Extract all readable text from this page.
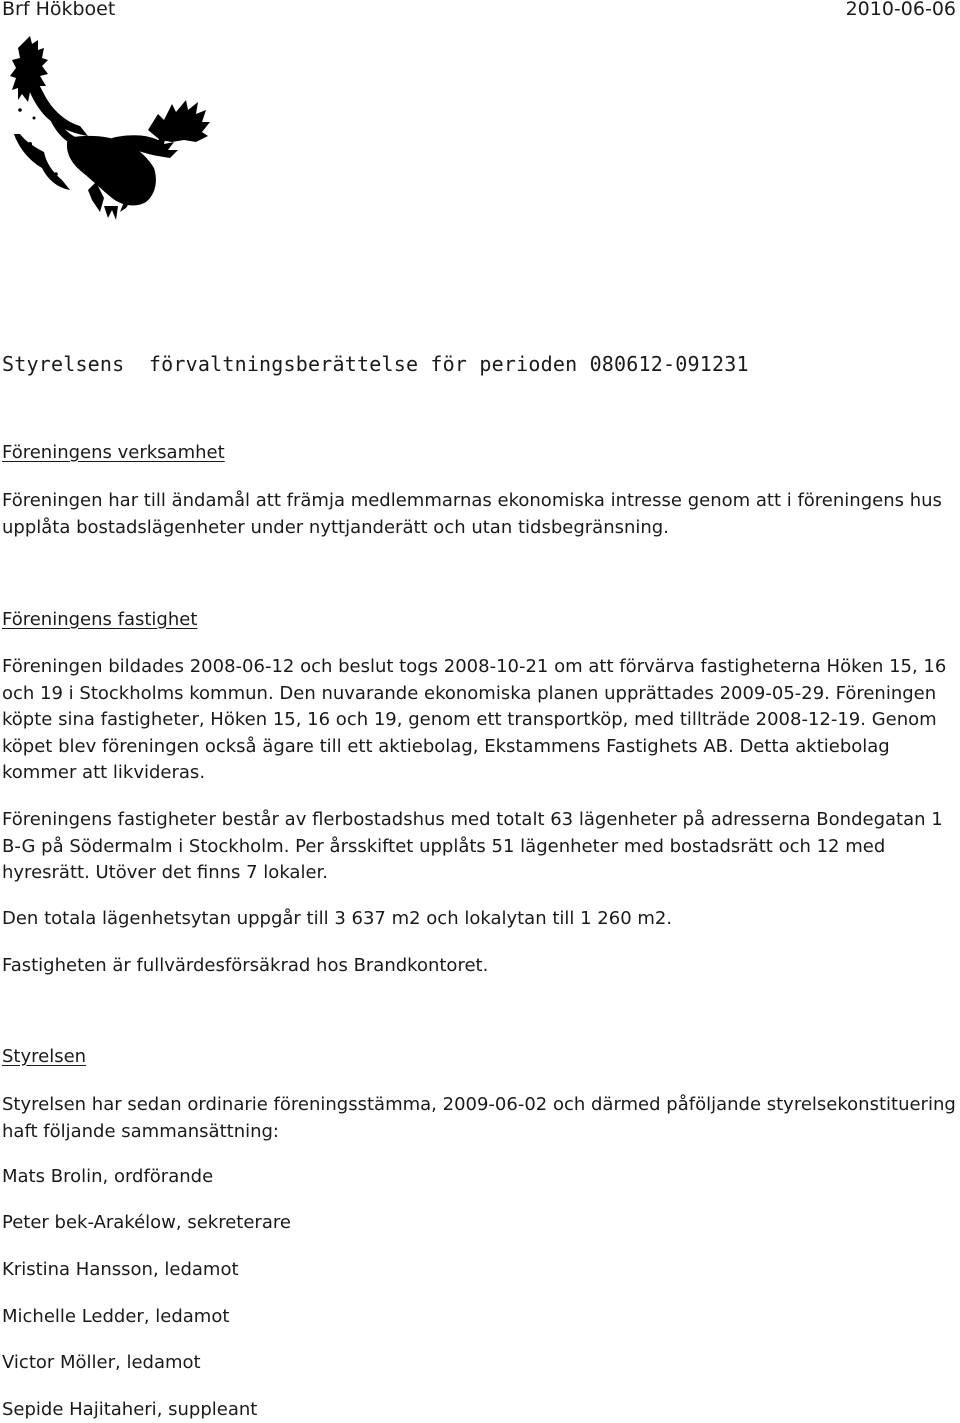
Brf Hökboet	2010-06-06
Styrelsens  förvaltningsberättelse för perioden 080612-091231
Föreningens verksamhet

Föreningen har till ändamål att främja medlemmarnas ekonomiska intresse genom att i föreningens hus upplåta bostadslägenheter under nyttjanderätt och utan tidsbegränsning.

Föreningens fastighet

Föreningen bildades 2008-06-12 och beslut togs 2008-10-21 om att förvärva fastigheterna Höken 15, 16 och 19 i Stockholms kommun. Den nuvarande ekonomiska planen upprättades 2009-05-29. Föreningen köpte sina fastigheter, Höken 15, 16 och 19, genom ett transportköp, med tillträde 2008-12-19. Genom köpet blev föreningen också ägare till ett aktiebolag, Ekstammens Fastighets AB. Detta aktiebolag kommer att likvideras.

Föreningens fastigheter består av flerbostadshus med totalt 63 lägenheter på adresserna Bondegatan 1 B-G på Södermalm i Stockholm. Per årsskiftet upplåts 51 lägenheter med bostadsrätt och 12 med hyresrätt. Utöver det finns 7 lokaler.

Den totala lägenhetsytan uppgår till 3 637 m2 och lokalytan till 1 260 m2.

Fastigheten är fullvärdesförsäkrad hos Brandkontoret.

Styrelsen

Styrelsen har sedan ordinarie föreningsstämma, 2009-06-02 och därmed påföljande styrelsekonstituering haft följande sammansättning:

Mats Brolin, ordförande
Peter bek-Arakélow, sekreterare
Kristina Hansson, ledamot
Michelle Ledder, ledamot
Victor Möller, ledamot
Sepide Hajitaheri, suppleant
